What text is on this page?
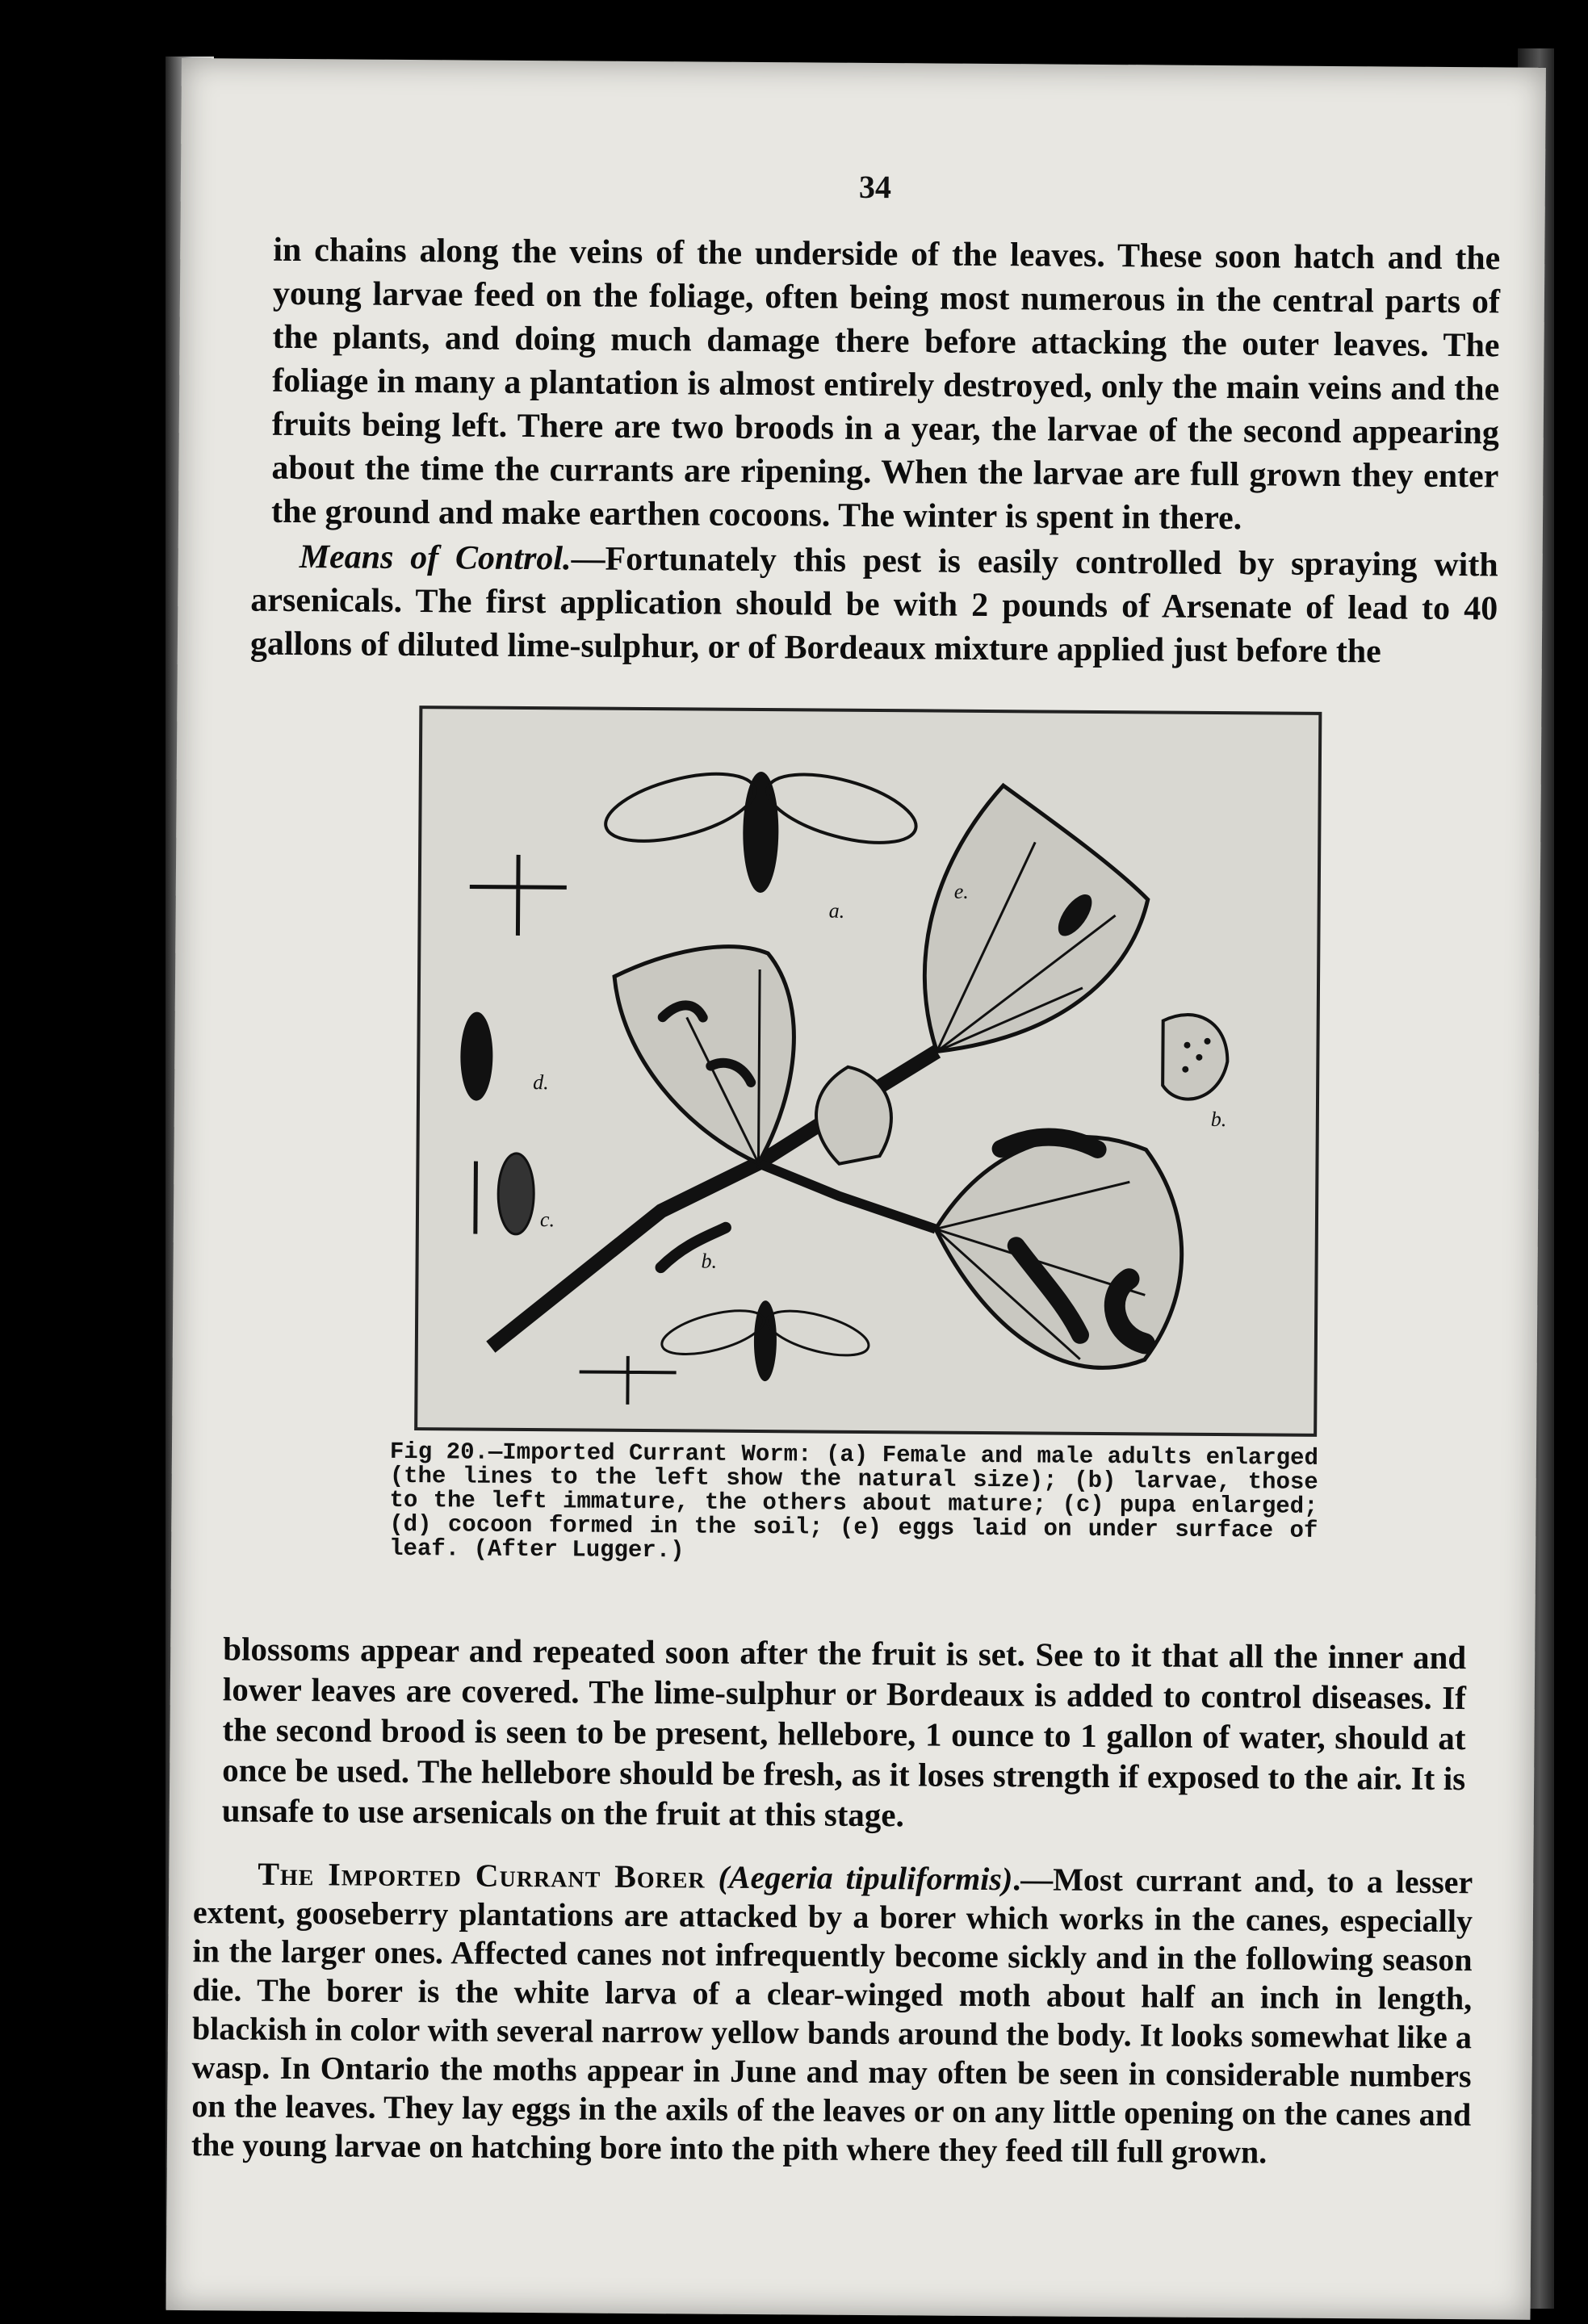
34

in chains along the veins of the underside of the leaves. These soon hatch and the young larvae feed on the foliage, often being most numerous in the central parts of the plants, and doing much damage there before attacking the outer leaves. The foliage in many a plantation is almost entirely destroyed, only the main veins and the fruits being left. There are two broods in a year, the larvae of the second appearing about the time the currants are ripening. When the larvae are full grown they enter the ground and make earthen cocoons. The winter is spent in there.

Means of Control.—Fortunately this pest is easily controlled by spraying with arsenicals. The first application should be with 2 pounds of Arsenate of lead to 40 gallons of diluted lime-sulphur, or of Bordeaux mixture applied just before the

a.
e.
d.
c.
b.
b.
Fig 20.—Imported Currant Worm: (a) Female and male adults enlarged (the lines to the left show the natural size); (b) larvae, those to the left immature, the others about mature; (c) pupa enlarged; (d) cocoon formed in the soil; (e) eggs laid on under surface of leaf. (After Lugger.)

blossoms appear and repeated soon after the fruit is set. See to it that all the inner and lower leaves are covered. The lime-sulphur or Bordeaux is added to control diseases. If the second brood is seen to be present, hellebore, 1 ounce to 1 gallon of water, should at once be used. The hellebore should be fresh, as it loses strength if exposed to the air. It is unsafe to use arsenicals on the fruit at this stage.

The Imported Currant Borer (Aegeria tipuliformis).—Most currant and, to a lesser extent, gooseberry plantations are attacked by a borer which works in the canes, especially in the larger ones. Affected canes not infrequently become sickly and in the following season die. The borer is the white larva of a clear-winged moth about half an inch in length, blackish in color with several narrow yellow bands around the body. It looks somewhat like a wasp. In Ontario the moths appear in June and may often be seen in considerable numbers on the leaves. They lay eggs in the axils of the leaves or on any little opening on the canes and the young larvae on hatching bore into the pith where they feed till full grown.
